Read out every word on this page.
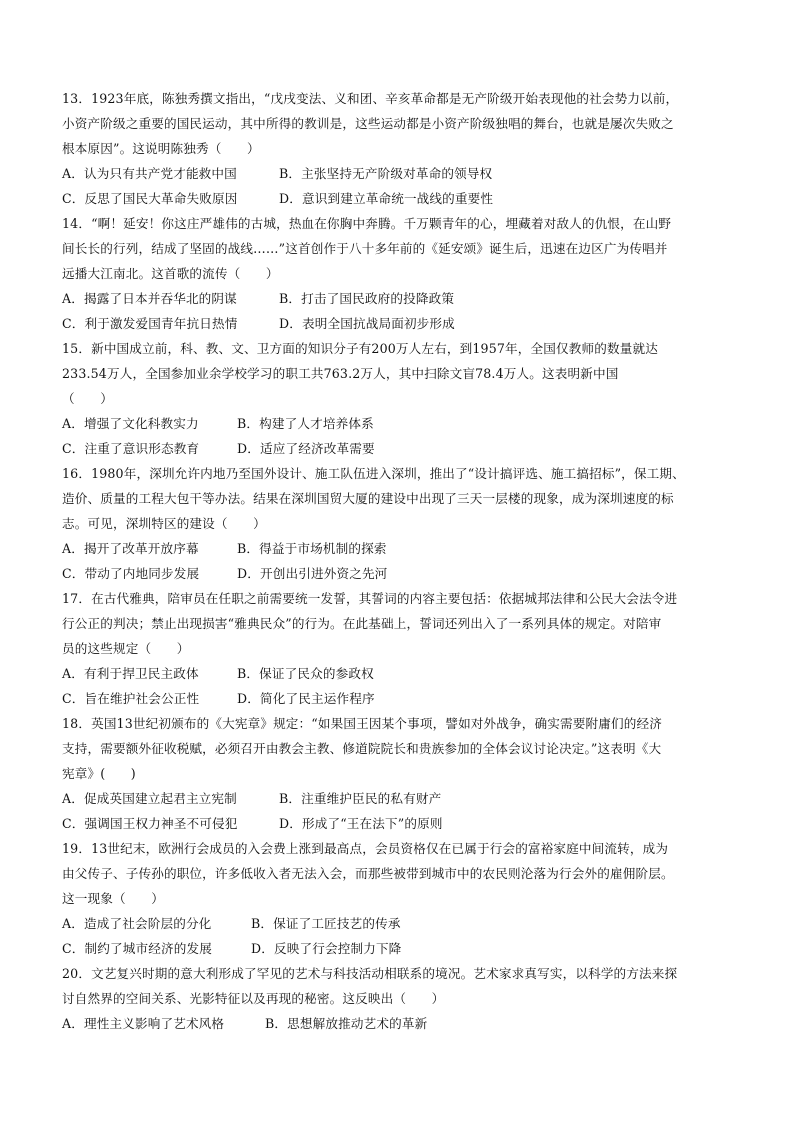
13．1923年底，陈独秀撰文指出，“戊戌变法、义和团、辛亥革命都是无产阶级开始表现他的社会势力以前，
小资产阶级之重要的国民运动，其中所得的教训是，这些运动都是小资产阶级独唱的舞台，也就是屡次失败之
根本原因”。这说明陈独秀（　　）
A．认为只有共产党才能救中国	B．主张坚持无产阶级对革命的领导权
C．反思了国民大革命失败原因	D．意识到建立革命统一战线的重要性
14．“啊！延安！你这庄严雄伟的古城，热血在你胸中奔腾。千万颗青年的心，埋藏着对敌人的仇恨，在山野
间长长的行列，结成了坚固的战线……”这首创作于八十多年前的《延安颂》诞生后，迅速在边区广为传唱并
远播大江南北。这首歌的流传（　　）
A．揭露了日本并吞华北的阴谋	B．打击了国民政府的投降政策
C．利于激发爱国青年抗日热情	D．表明全国抗战局面初步形成
15．新中国成立前，科、教、文、卫方面的知识分子有200万人左右，到1957年，全国仅教师的数量就达
233.54万人，全国参加业余学校学习的职工共763.2万人，其中扫除文盲78.4万人。这表明新中国
（　　）
A．增强了文化科教实力	B．构建了人才培养体系
C．注重了意识形态教育	D．适应了经济改革需要
16．1980年，深圳允许内地乃至国外设计、施工队伍进入深圳，推出了“设计搞评选、施工搞招标”，保工期、
造价、质量的工程大包干等办法。结果在深圳国贸大厦的建设中出现了三天一层楼的现象，成为深圳速度的标
志。可见，深圳特区的建设（　　）
A．揭开了改革开放序幕	B．得益于市场机制的探索
C．带动了内地同步发展	D．开创出引进外资之先河
17．在古代雅典，陪审员在任职之前需要统一发誓，其誓词的内容主要包括：依据城邦法律和公民大会法令进
行公正的判决；禁止出现损害“雅典民众”的行为。在此基础上，誓词还列出入了一系列具体的规定。对陪审
员的这些规定（　　）
A．有利于捍卫民主政体	B．保证了民众的参政权
C．旨在维护社会公正性	D．简化了民主运作程序
18．英国13世纪初颁布的《大宪章》规定：“如果国王因某个事项，譬如对外战争，确实需要附庸们的经济
支持，需要额外征收税赋，必须召开由教会主教、修道院院长和贵族参加的全体会议讨论决定。”这表明《大
宪章》(　　)
A．促成英国建立起君主立宪制	B．注重维护臣民的私有财产
C．强调国王权力神圣不可侵犯	D．形成了“王在法下”的原则
19．13世纪末，欧洲行会成员的入会费上涨到最高点，会员资格仅在已属于行会的富裕家庭中间流转，成为
由父传子、子传孙的职位，许多低收入者无法入会，而那些被带到城市中的农民则沦落为行会外的雇佣阶层。
这一现象（　　）
A．造成了社会阶层的分化	B．保证了工匠技艺的传承
C．制约了城市经济的发展	D．反映了行会控制力下降
20．文艺复兴时期的意大利形成了罕见的艺术与科技活动相联系的境况。艺术家求真写实，以科学的方法来探
讨自然界的空间关系、光影特征以及再现的秘密。这反映出（　　）
A．理性主义影响了艺术风格	B．思想解放推动艺术的革新
